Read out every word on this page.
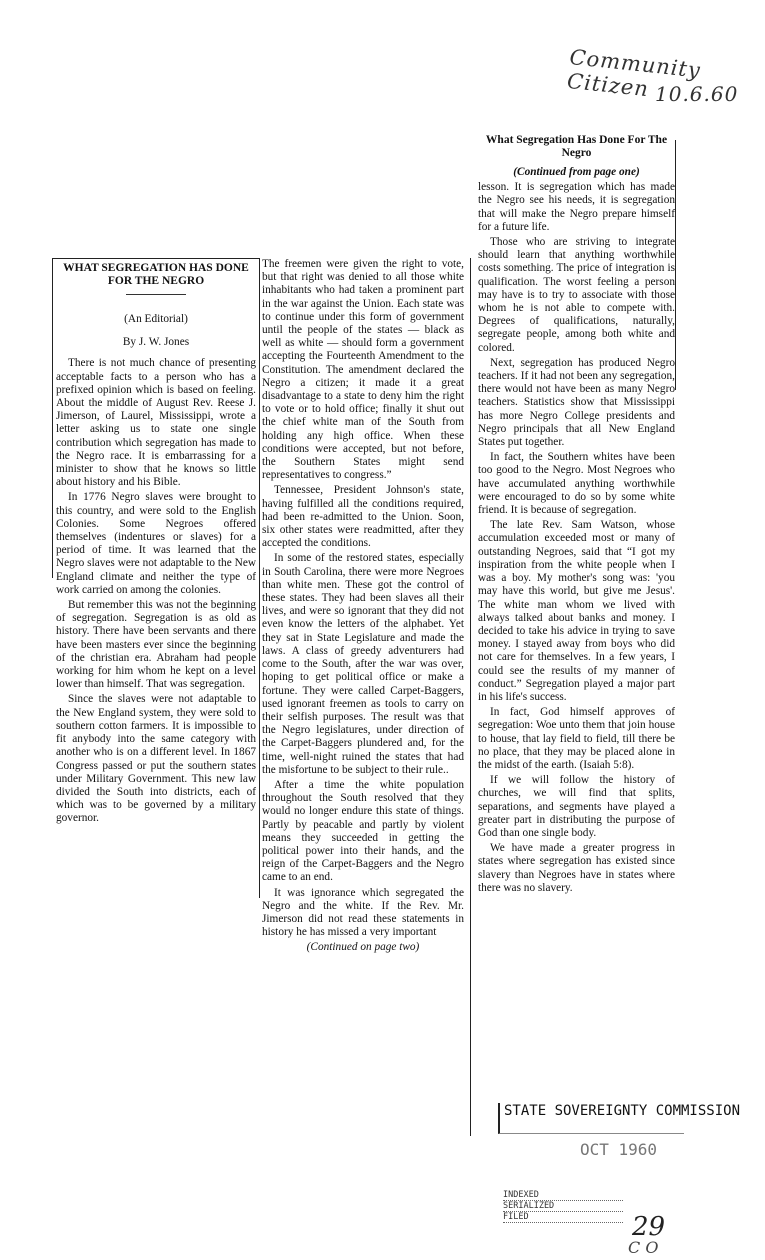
Community Citizen 10.6.60

WHAT SEGREGATION HAS DONE FOR THE NEGRO

(An Editorial)

By J. W. Jones

There is not much chance of presenting acceptable facts to a person who has a prefixed opinion which is based on feeling. About the middle of August Rev. Reese J. Jimerson, of Laurel, Mississippi, wrote a letter asking us to state one single contribution which segregation has made to the Negro race. It is embarrassing for a minister to show that he knows so little about history and his Bible.

In 1776 Negro slaves were brought to this country, and were sold to the English Colonies. Some Negroes offered themselves (indentures or slaves) for a period of time. It was learned that the Negro slaves were not adaptable to the New England climate and neither the type of work carried on among the colonies.

But remember this was not the beginning of segregation. Segregation is as old as history. There have been servants and there have been masters ever since the beginning of the christian era. Abraham had people working for him whom he kept on a level lower than himself. That was segregation.

Since the slaves were not adaptable to the New England system, they were sold to southern cotton farmers. It is impossible to fit anybody into the same category with another who is on a different level. In 1867 Congress passed or put the southern states under Military Government. This new law divided the South into districts, each of which was to be governed by a military governor.

The freemen were given the right to vote, but that right was denied to all those white inhabitants who had taken a prominent part in the war against the Union. Each state was to continue under this form of government until the people of the states — black as well as white — should form a government accepting the Fourteenth Amendment to the Constitution. The amendment declared the Negro a citizen; it made it a great disadvantage to a state to deny him the right to vote or to hold office; finally it shut out the chief white man of the South from holding any high office. When these conditions were accepted, but not before, the Southern States might send representatives to congress.”

Tennessee, President Johnson's state, having fulfilled all the conditions required, had been re-admitted to the Union. Soon, six other states were readmitted, after they accepted the conditions.

In some of the restored states, especially in South Carolina, there were more Negroes than white men. These got the control of these states. They had been slaves all their lives, and were so ignorant that they did not even know the letters of the alphabet. Yet they sat in State Legislature and made the laws. A class of greedy adventurers had come to the South, after the war was over, hoping to get political office or make a fortune. They were called Carpet-Baggers, used ignorant freemen as tools to carry on their selfish purposes. The result was that the Negro legislatures, under direction of the Carpet-Baggers plundered and, for the time, well-night ruined the states that had the misfortune to be subject to their rule..

After a time the white population throughout the South resolved that they would no longer endure this state of things. Partly by peacable and partly by violent means they succeeded in getting the political power into their hands, and the reign of the Carpet-Baggers and the Negro came to an end.

It was ignorance which segregated the Negro and the white. If the Rev. Mr. Jimerson did not read these statements in history he has missed a very important

(Continued on page two)

What Segregation Has Done For The Negro

(Continued from page one)

lesson. It is segregation which has made the Negro see his needs, it is segregation that will make the Negro prepare himself for a future life.

Those who are striving to integrate should learn that anything worthwhile costs something. The price of integration is qualification. The worst feeling a person may have is to try to associate with those whom he is not able to compete with. Degrees of qualifications, naturally, segregate people, among both white and colored.

Next, segregation has produced Negro teachers. If it had not been any segregation, there would not have been as many Negro teachers. Statistics show that Mississippi has more Negro College presidents and Negro principals that all New England States put together.

In fact, the Southern whites have been too good to the Negro. Most Negroes who have accumulated anything worthwhile were encouraged to do so by some white friend. It is because of segregation.

The late Rev. Sam Watson, whose accumulation exceeded most or many of outstanding Negroes, said that “I got my inspiration from the white people when I was a boy. My mother's song was: 'you may have this world, but give me Jesus'. The white man whom we lived with always talked about banks and money. I decided to take his advice in trying to save money. I stayed away from boys who did not care for themselves. In a few years, I could see the results of my manner of conduct.” Segregation played a major part in his life's success.

In fact, God himself approves of segregation: Woe unto them that join house to house, that lay field to field, till there be no place, that they may be placed alone in the midst of the earth. (Isaiah 5:8).

If we will follow the history of churches, we will find that splits, separations, and segments have played a greater part in distributing the purpose of God than one single body.

We have made a greater progress in states where segregation has existed since slavery than Negroes have in states where there was no slavery.

STATE SOVEREIGNTY COMMISSION
OCT 1960
INDEXED
SERIALIZED
FILED	29
C O
